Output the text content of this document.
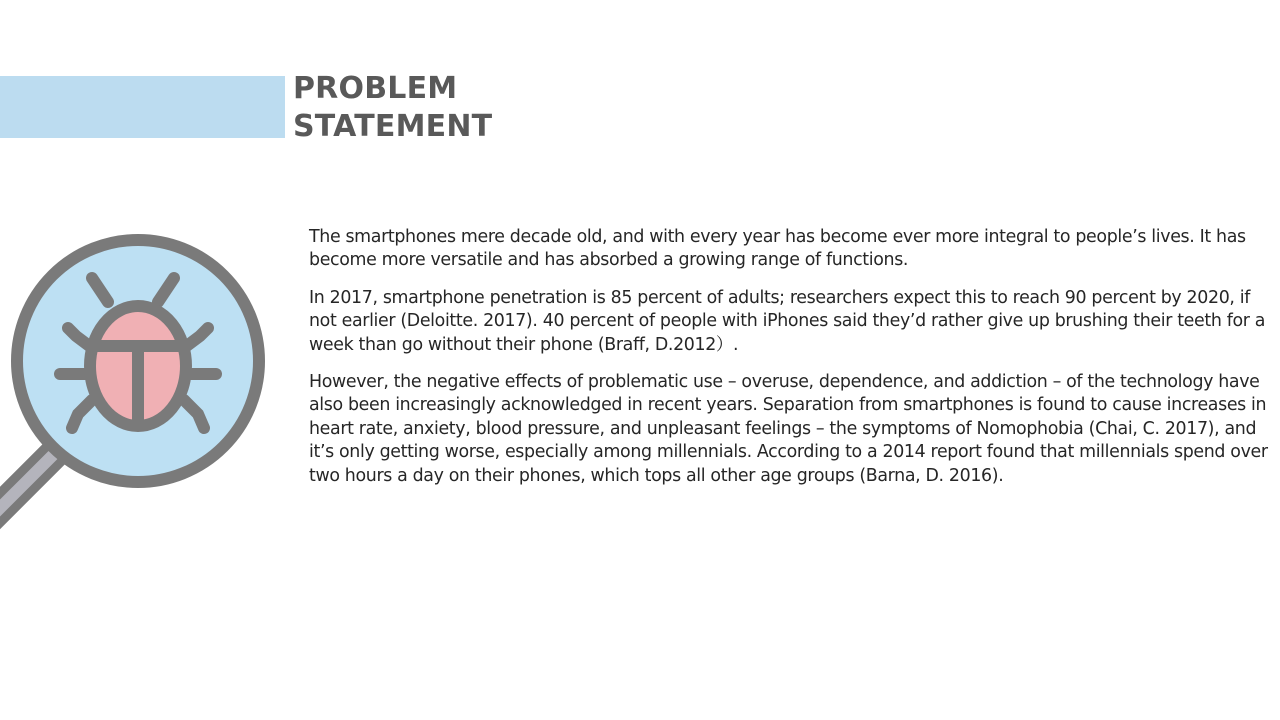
PROBLEM
STATEMENT

The smartphones mere decade old, and with every year has become ever more integral to people’s lives. It has become more versatile and has absorbed a growing range of functions.

In 2017, smartphone penetration is 85 percent of adults; researchers expect this to reach 90 percent by 2020, if not earlier (Deloitte. 2017). 40 percent of people with iPhones said they’d rather give up brushing their teeth for a week than go without their phone (Braff, D.2012）.

However, the negative effects of problematic use – overuse, dependence, and addiction – of the technology have also been increasingly acknowledged in recent years. Separation from smartphones is found to cause increases in heart rate, anxiety, blood pressure, and unpleasant feelings – the symptoms of Nomophobia (Chai, C. 2017), and it’s only getting worse, especially among millennials. According to a 2014 report found that millennials spend over two hours a day on their phones, which tops all other age groups (Barna, D. 2016).
